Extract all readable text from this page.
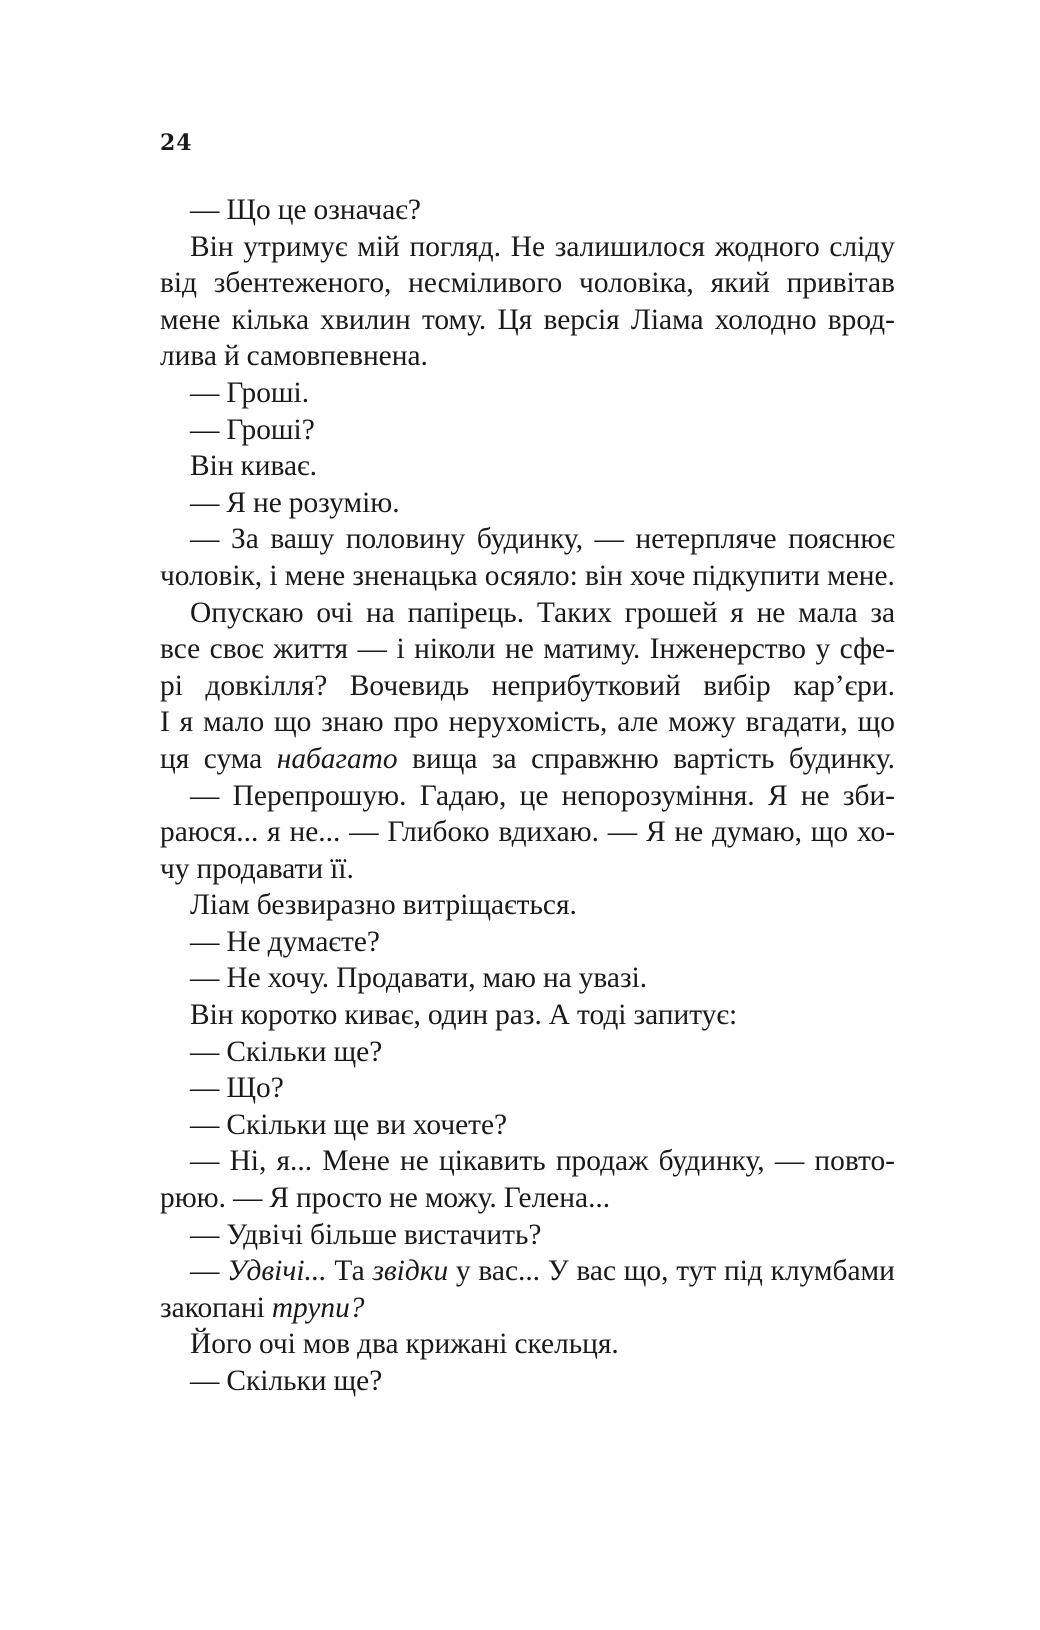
24
— Що це означає?
Він утримує мій погляд. Не залишилося жодного сліду
від збентеженого, несміливого чоловіка, який привітав
мене кілька хвилин тому. Ця версія Ліама холодно врод-
лива й самовпевнена.
— Гроші.
— Гроші?
Він киває.
— Я не розумію.
— За вашу половину будинку, — нетерпляче пояснює
чоловік, і мене зненацька осяяло: він хоче підкупити мене.
Опускаю очі на папірець. Таких грошей я не мала за
все своє життя — і ніколи не матиму. Інженерство у сфе-
рі довкілля? Вочевидь неприбутковий вибір кар’єри.
І я мало що знаю про нерухомість, але можу вгадати, що
ця сума набагато вища за справжню вартість будинку.
— Перепрошую. Гадаю, це непорозуміння. Я не зби-
раюся... я не... — Глибоко вдихаю. — Я не думаю, що хо-
чу продавати її.
Ліам безвиразно витріщається.
— Не думаєте?
— Не хочу. Продавати, маю на увазі.
Він коротко киває, один раз. А тоді запитує:
— Скільки ще?
— Що?
— Скільки ще ви хочете?
— Ні, я... Мене не цікавить продаж будинку, — повто-
рюю. — Я просто не можу. Гелена...
— Удвічі більше вистачить?
— Удвічі... Та звідки у вас... У вас що, тут під клумбами
закопані трупи?
Його очі мов два крижані скельця.
— Скільки ще?
